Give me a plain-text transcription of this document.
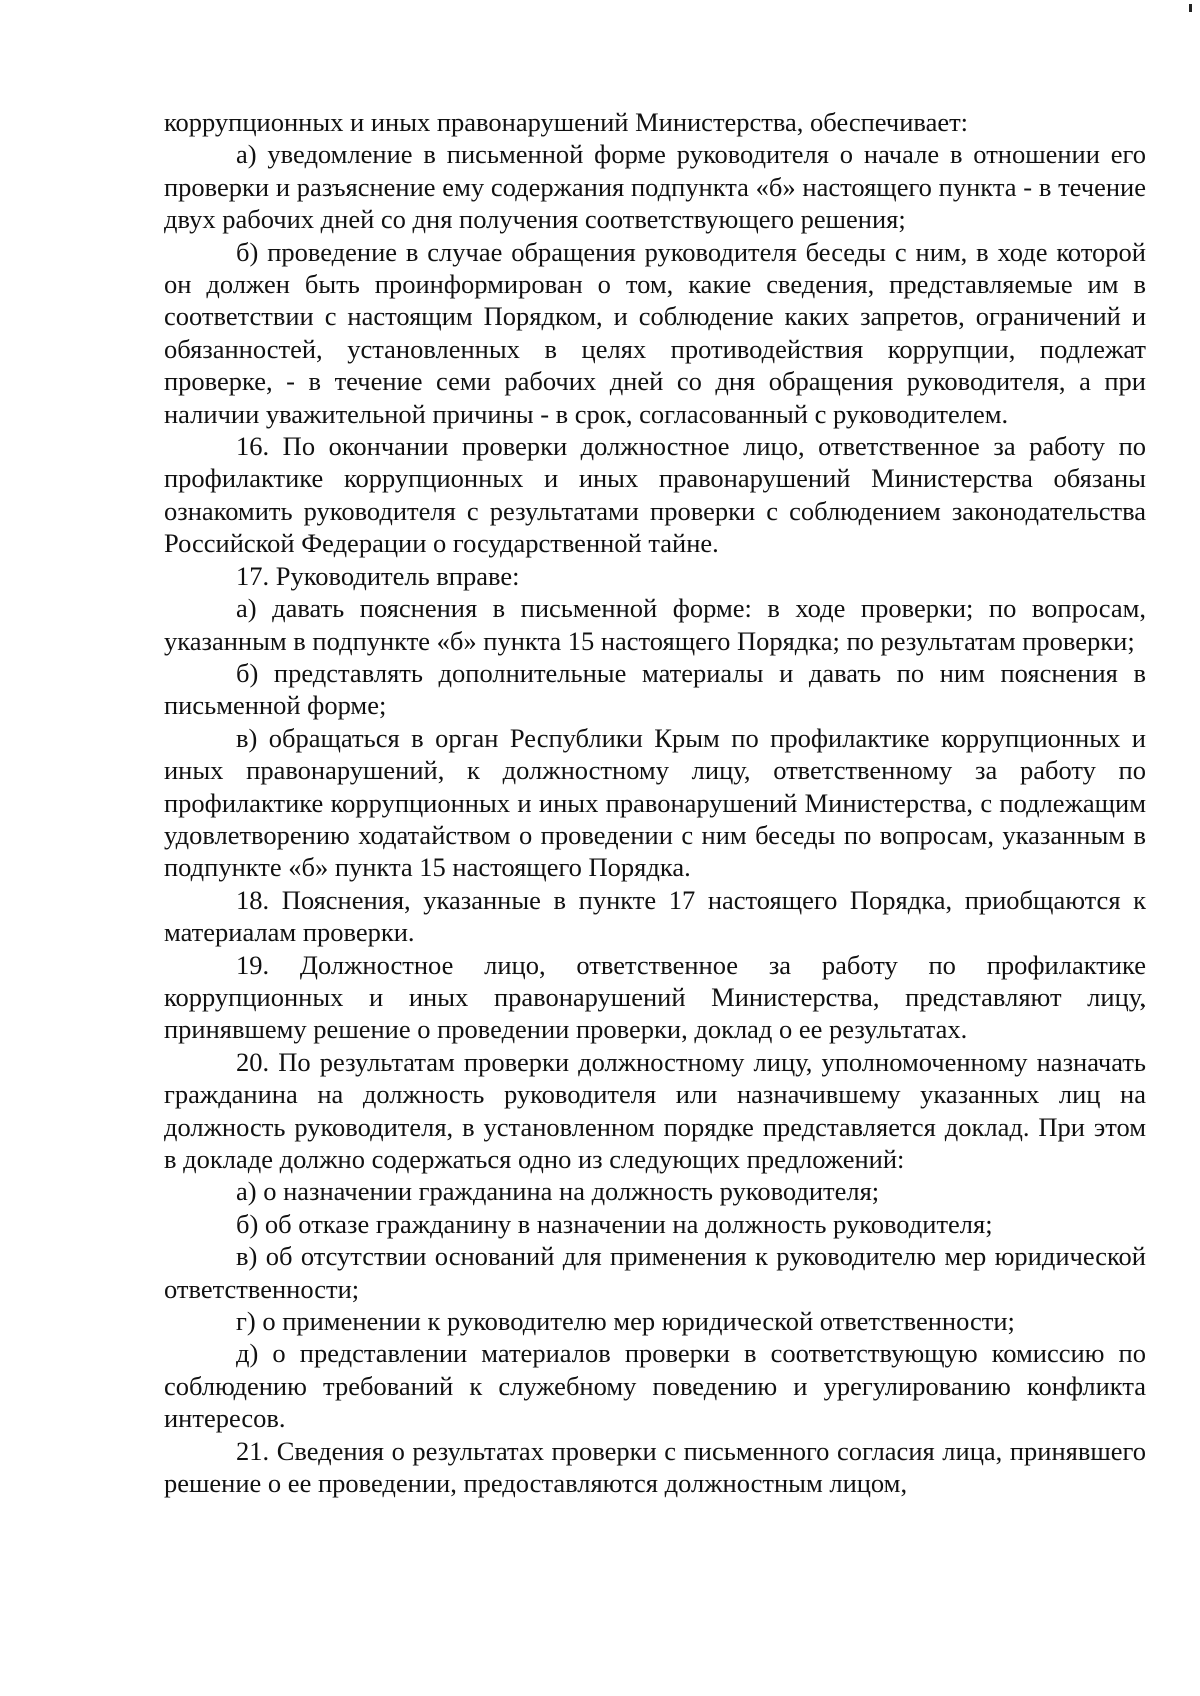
коррупционных и иных правонарушений Министерства, обеспечивает:

а) уведомление в письменной форме руководителя о начале в отношении его проверки и разъяснение ему содержания подпункта «б» настоящего пункта - в течение двух рабочих дней со дня получения соответствующего решения;

б) проведение в случае обращения руководителя беседы с ним, в ходе которой он должен быть проинформирован о том, какие сведения, представляемые им в соответствии с настоящим Порядком, и соблюдение каких запретов, ограничений и обязанностей, установленных в целях противодействия коррупции, подлежат проверке, - в течение семи рабочих дней со дня обращения руководителя, а при наличии уважительной причины - в срок, согласованный с руководителем.

16. По окончании проверки должностное лицо, ответственное за работу по профилактике коррупционных и иных правонарушений Министерства обязаны ознакомить руководителя с результатами проверки с соблюдением законодательства Российской Федерации о государственной тайне.

17. Руководитель вправе:

а) давать пояснения в письменной форме: в ходе проверки; по вопросам, указанным в подпункте «б» пункта 15 настоящего Порядка; по результатам проверки;

б) представлять дополнительные материалы и давать по ним пояснения в письменной форме;

в) обращаться в орган Республики Крым по профилактике коррупционных и иных правонарушений, к должностному лицу, ответственному за работу по профилактике коррупционных и иных правонарушений Министерства, с подлежащим удовлетворению ходатайством о проведении с ним беседы по вопросам, указанным в подпункте «б» пункта 15 настоящего Порядка.

18. Пояснения, указанные в пункте 17 настоящего Порядка, приобщаются к материалам проверки.

19. Должностное лицо, ответственное за работу по профилактике коррупционных и иных правонарушений Министерства, представляют лицу, принявшему решение о проведении проверки, доклад о ее результатах.

20. По результатам проверки должностному лицу, уполномоченному назначать гражданина на должность руководителя или назначившему указанных лиц на должность руководителя, в установленном порядке представляется доклад. При этом в докладе должно содержаться одно из следующих предложений:

а) о назначении гражданина на должность руководителя;

б) об отказе гражданину в назначении на должность руководителя;

в) об отсутствии оснований для применения к руководителю мер юридической ответственности;

г) о применении к руководителю мер юридической ответственности;

д) о представлении материалов проверки в соответствующую комиссию по соблюдению требований к служебному поведению и урегулированию конфликта интересов.

21. Сведения о результатах проверки с письменного согласия лица, принявшего решение о ее проведении, предоставляются должностным лицом,
